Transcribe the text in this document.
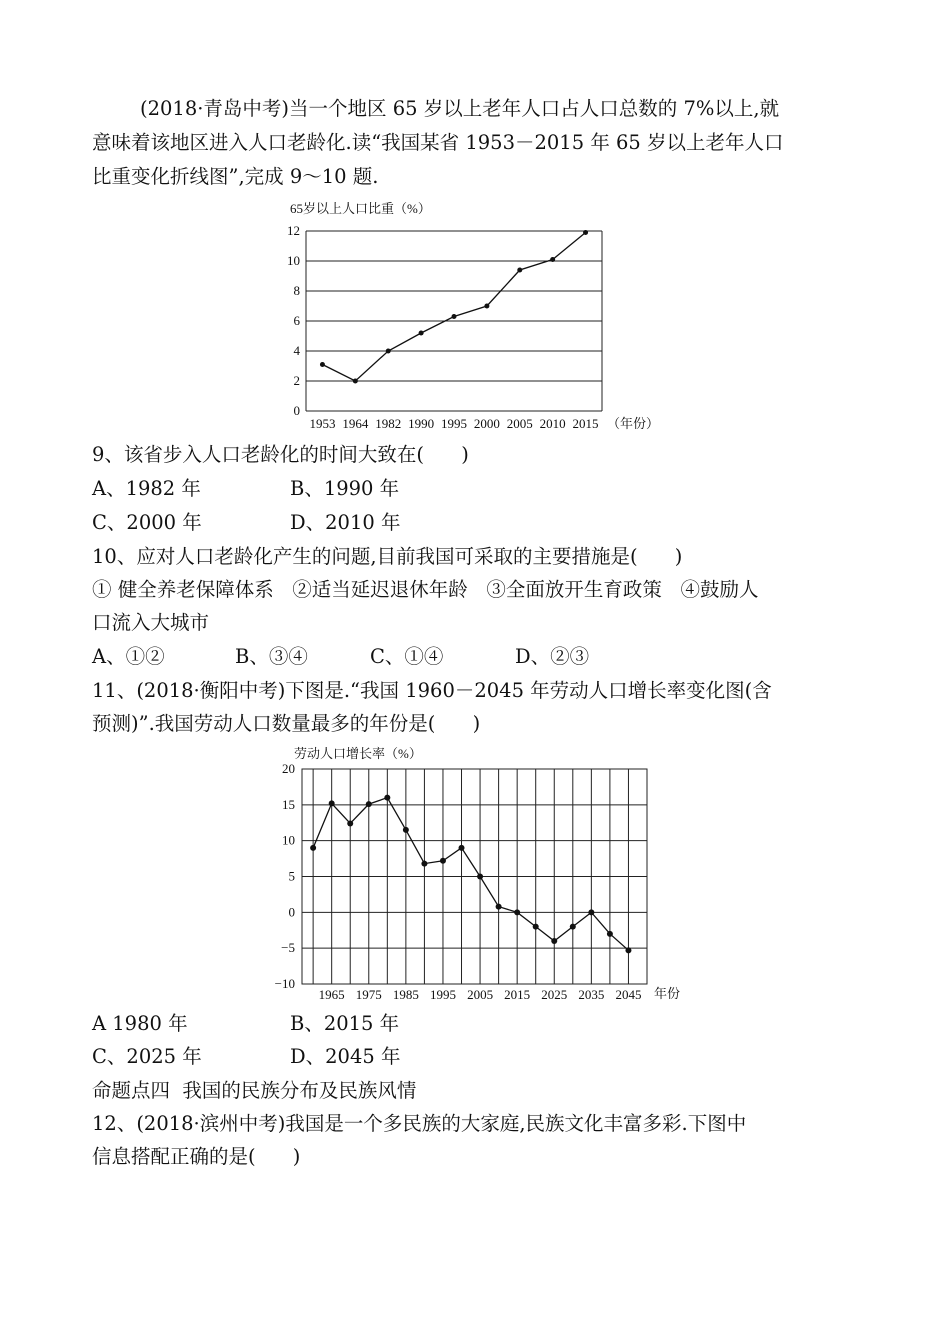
(2018·青岛中考)当一个地区 65 岁以上老年人口占人口总数的 7%以上,就
意味着该地区进入人口老龄化.读“我国某省 1953－2015 年 65 岁以上老年人口
比重变化折线图”,完成 9～10 题.
65岁以上人口比重（%）
0
2
4
6
8
10
12
1953 1964 1982 1990 1995 2000 2005 2010 2015 （年份）
9、该省步入人口老龄化的时间大致在(      )
A、1982 年	B、1990 年
C、2000 年	D、2010 年
10、应对人口老龄化产生的问题,目前我国可采取的主要措施是(      )
① 健全养老保障体系   ②适当延迟退休年龄   ③全面放开生育政策   ④鼓励人
口流入大城市
A、①②	B、③④	C、①④	D、②③
11、(2018·衡阳中考)下图是.“我国 1960－2045 年劳动人口增长率变化图(含
预测)”.我国劳动人口数量最多的年份是(      )
劳动人口增长率（%）
20
15
10
5
0
−5
−10
1965 1975 1985 1995 2005 2015 2025 2035 2045 年份
A 1980 年	B、2015 年
C、2025 年	D、2045 年
命题点四  我国的民族分布及民族风情
12、(2018·滨州中考)我国是一个多民族的大家庭,民族文化丰富多彩.下图中
信息搭配正确的是(      )
